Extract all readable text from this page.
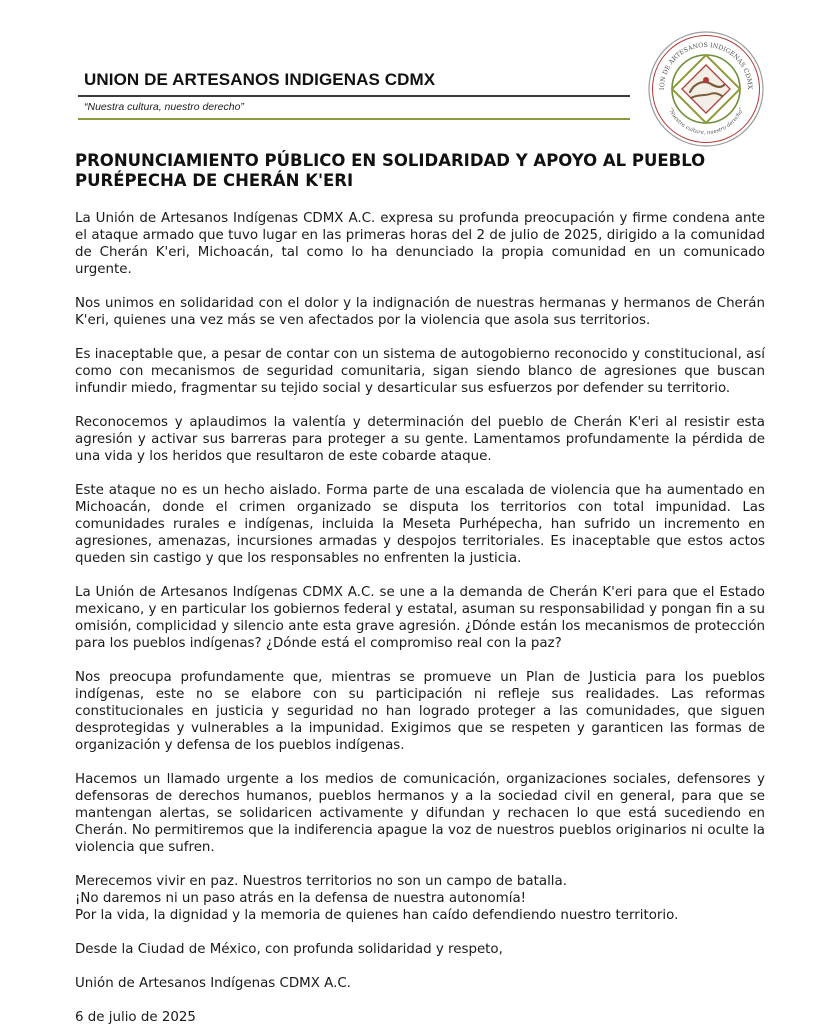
UNION DE ARTESANOS INDIGENAS CDMX
“Nuestra cultura, nuestro derecho”
ION DE ARTESANOS INDIGENAS CDMX
“Nuestra cultura, nuestro derecho”
PRONUNCIAMIENTO PÚBLICO EN SOLIDARIDAD Y APOYO AL PUEBLO PURÉPECHA DE CHERÁN K'ERI

La Unión de Artesanos Indígenas CDMX A.C. expresa su profunda preocupación y firme condena ante el ataque armado que tuvo lugar en las primeras horas del 2 de julio de 2025, dirigido a la comunidad de Cherán K'eri, Michoacán, tal como lo ha denunciado la propia comunidad en un comunicado urgente.

Nos unimos en solidaridad con el dolor y la indignación de nuestras hermanas y hermanos de Cherán K'eri, quienes una vez más se ven afectados por la violencia que asola sus territorios.

Es inaceptable que, a pesar de contar con un sistema de autogobierno reconocido y constitucional, así como con mecanismos de seguridad comunitaria, sigan siendo blanco de agresiones que buscan infundir miedo, fragmentar su tejido social y desarticular sus esfuerzos por defender su territorio.

Reconocemos y aplaudimos la valentía y determinación del pueblo de Cherán K'eri al resistir esta agresión y activar sus barreras para proteger a su gente. Lamentamos profundamente la pérdida de una vida y los heridos que resultaron de este cobarde ataque.

Este ataque no es un hecho aislado. Forma parte de una escalada de violencia que ha aumentado en Michoacán, donde el crimen organizado se disputa los territorios con total impunidad. Las comunidades rurales e indígenas, incluida la Meseta Purhépecha, han sufrido un incremento en agresiones, amenazas, incursiones armadas y despojos territoriales. Es inaceptable que estos actos queden sin castigo y que los responsables no enfrenten la justicia.

La Unión de Artesanos Indígenas CDMX A.C. se une a la demanda de Cherán K'eri para que el Estado mexicano, y en particular los gobiernos federal y estatal, asuman su responsabilidad y pongan fin a su omisión, complicidad y silencio ante esta grave agresión. ¿Dónde están los mecanismos de protección para los pueblos indígenas? ¿Dónde está el compromiso real con la paz?

Nos preocupa profundamente que, mientras se promueve un Plan de Justicia para los pueblos indígenas, este no se elabore con su participación ni refleje sus realidades. Las reformas constitucionales en justicia y seguridad no han logrado proteger a las comunidades, que siguen desprotegidas y vulnerables a la impunidad. Exigimos que se respeten y garanticen las formas de organización y defensa de los pueblos indígenas.

Hacemos un llamado urgente a los medios de comunicación, organizaciones sociales, defensores y defensoras de derechos humanos, pueblos hermanos y a la sociedad civil en general, para que se mantengan alertas, se solidaricen activamente y difundan y rechacen lo que está sucediendo en Cherán. No permitiremos que la indiferencia apague la voz de nuestros pueblos originarios ni oculte la violencia que sufren.

Merecemos vivir en paz. Nuestros territorios no son un campo de batalla.

¡No daremos ni un paso atrás en la defensa de nuestra autonomía!

Por la vida, la dignidad y la memoria de quienes han caído defendiendo nuestro territorio.

Desde la Ciudad de México, con profunda solidaridad y respeto,

Unión de Artesanos Indígenas CDMX A.C.

6 de julio de 2025
